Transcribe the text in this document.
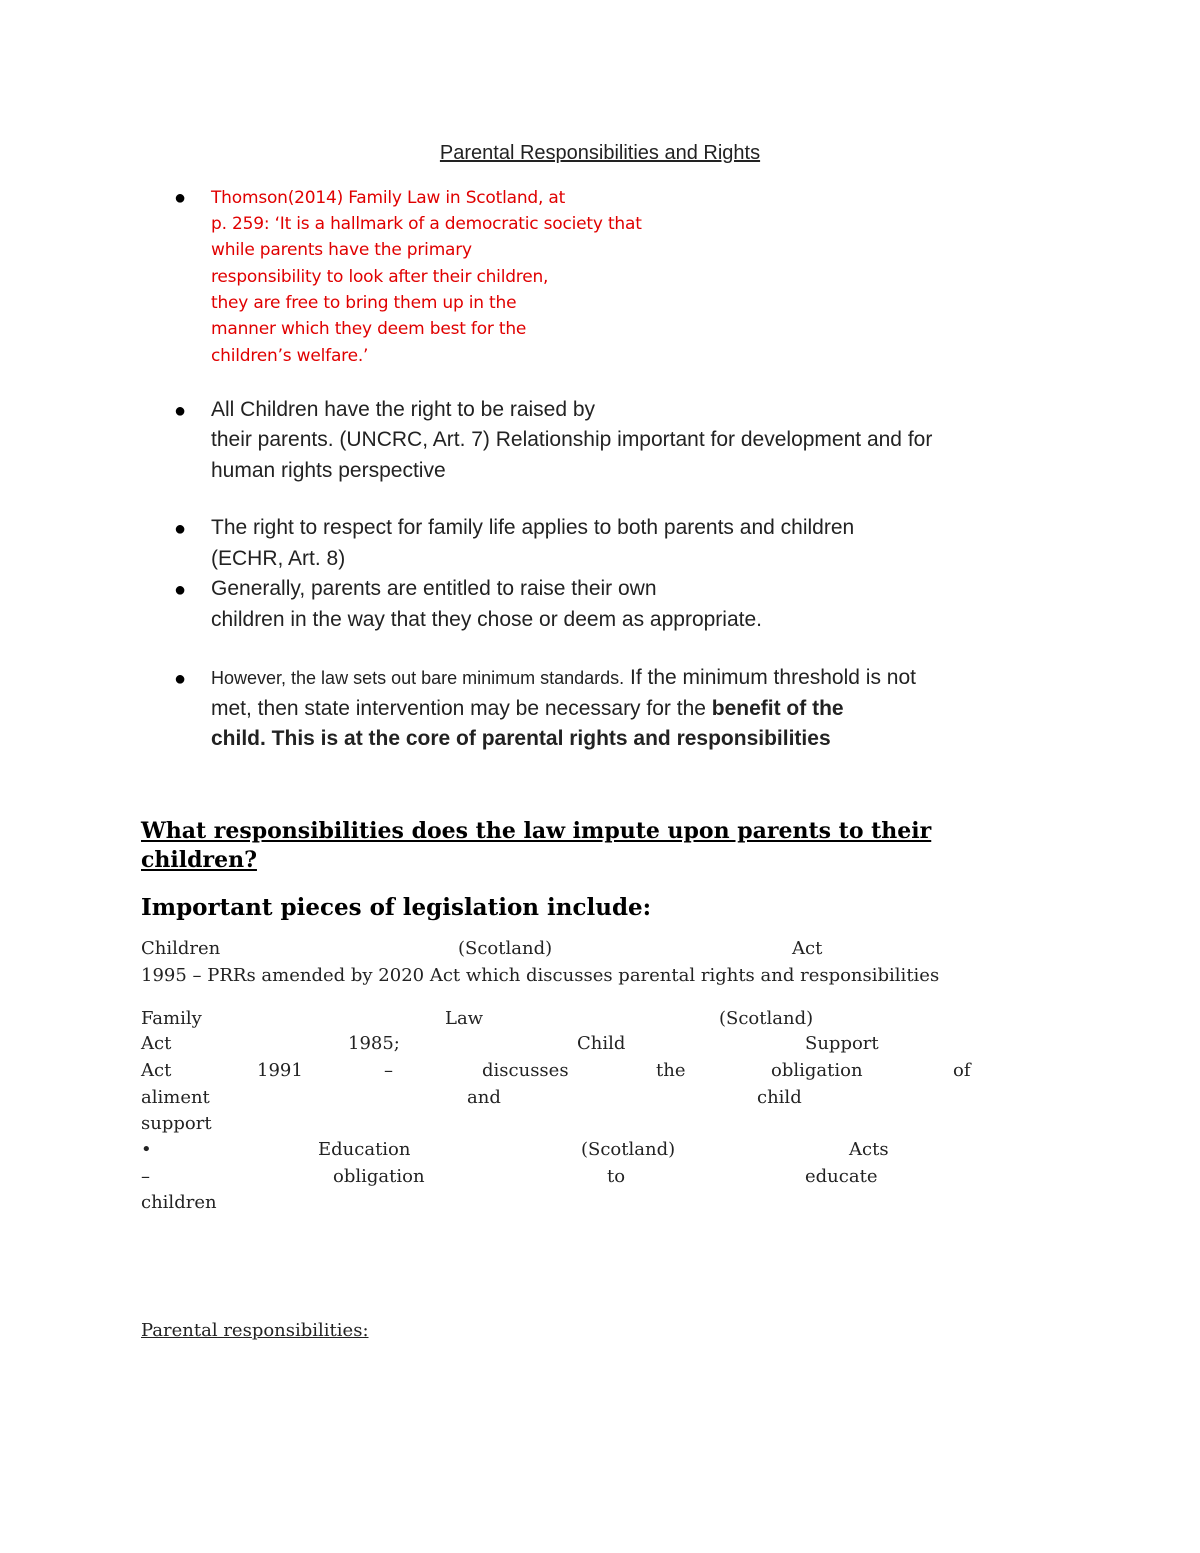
Parental Responsibilities and Rights
● Thomson(2014) Family Law in Scotland, at
p. 259: ‘It is a hallmark of a democratic society that
while parents have the primary
responsibility to look after their children,
they are free to bring them up in the
manner which they deem best for the
children’s welfare.’
● All Children have the right to be raised by
their parents. (UNCRC, Art. 7) Relationship important for development and for
human rights perspective
● The right to respect for family life applies to both parents and children
(ECHR, Art. 8)
● Generally, parents are entitled to raise their own
children in the way that they chose or deem as appropriate.
● However, the law sets out bare minimum standards. If the minimum threshold is not
met, then state intervention may be necessary for the benefit of the
child. This is at the core of parental rights and responsibilities
What responsibilities does the law impute upon parents to their
children?
Important pieces of legislation include:
Children	(Scotland)	Act
1995 – PRRs amended by 2020 Act which discusses parental rights and responsibilities
Family	Law	(Scotland)
Act	1985;	Child	Support
Act	1991	–	discusses	the	obligation	of
aliment	and	child
support
•	Education	(Scotland)	Acts
–	obligation	to	educate
children
Parental responsibilities:
